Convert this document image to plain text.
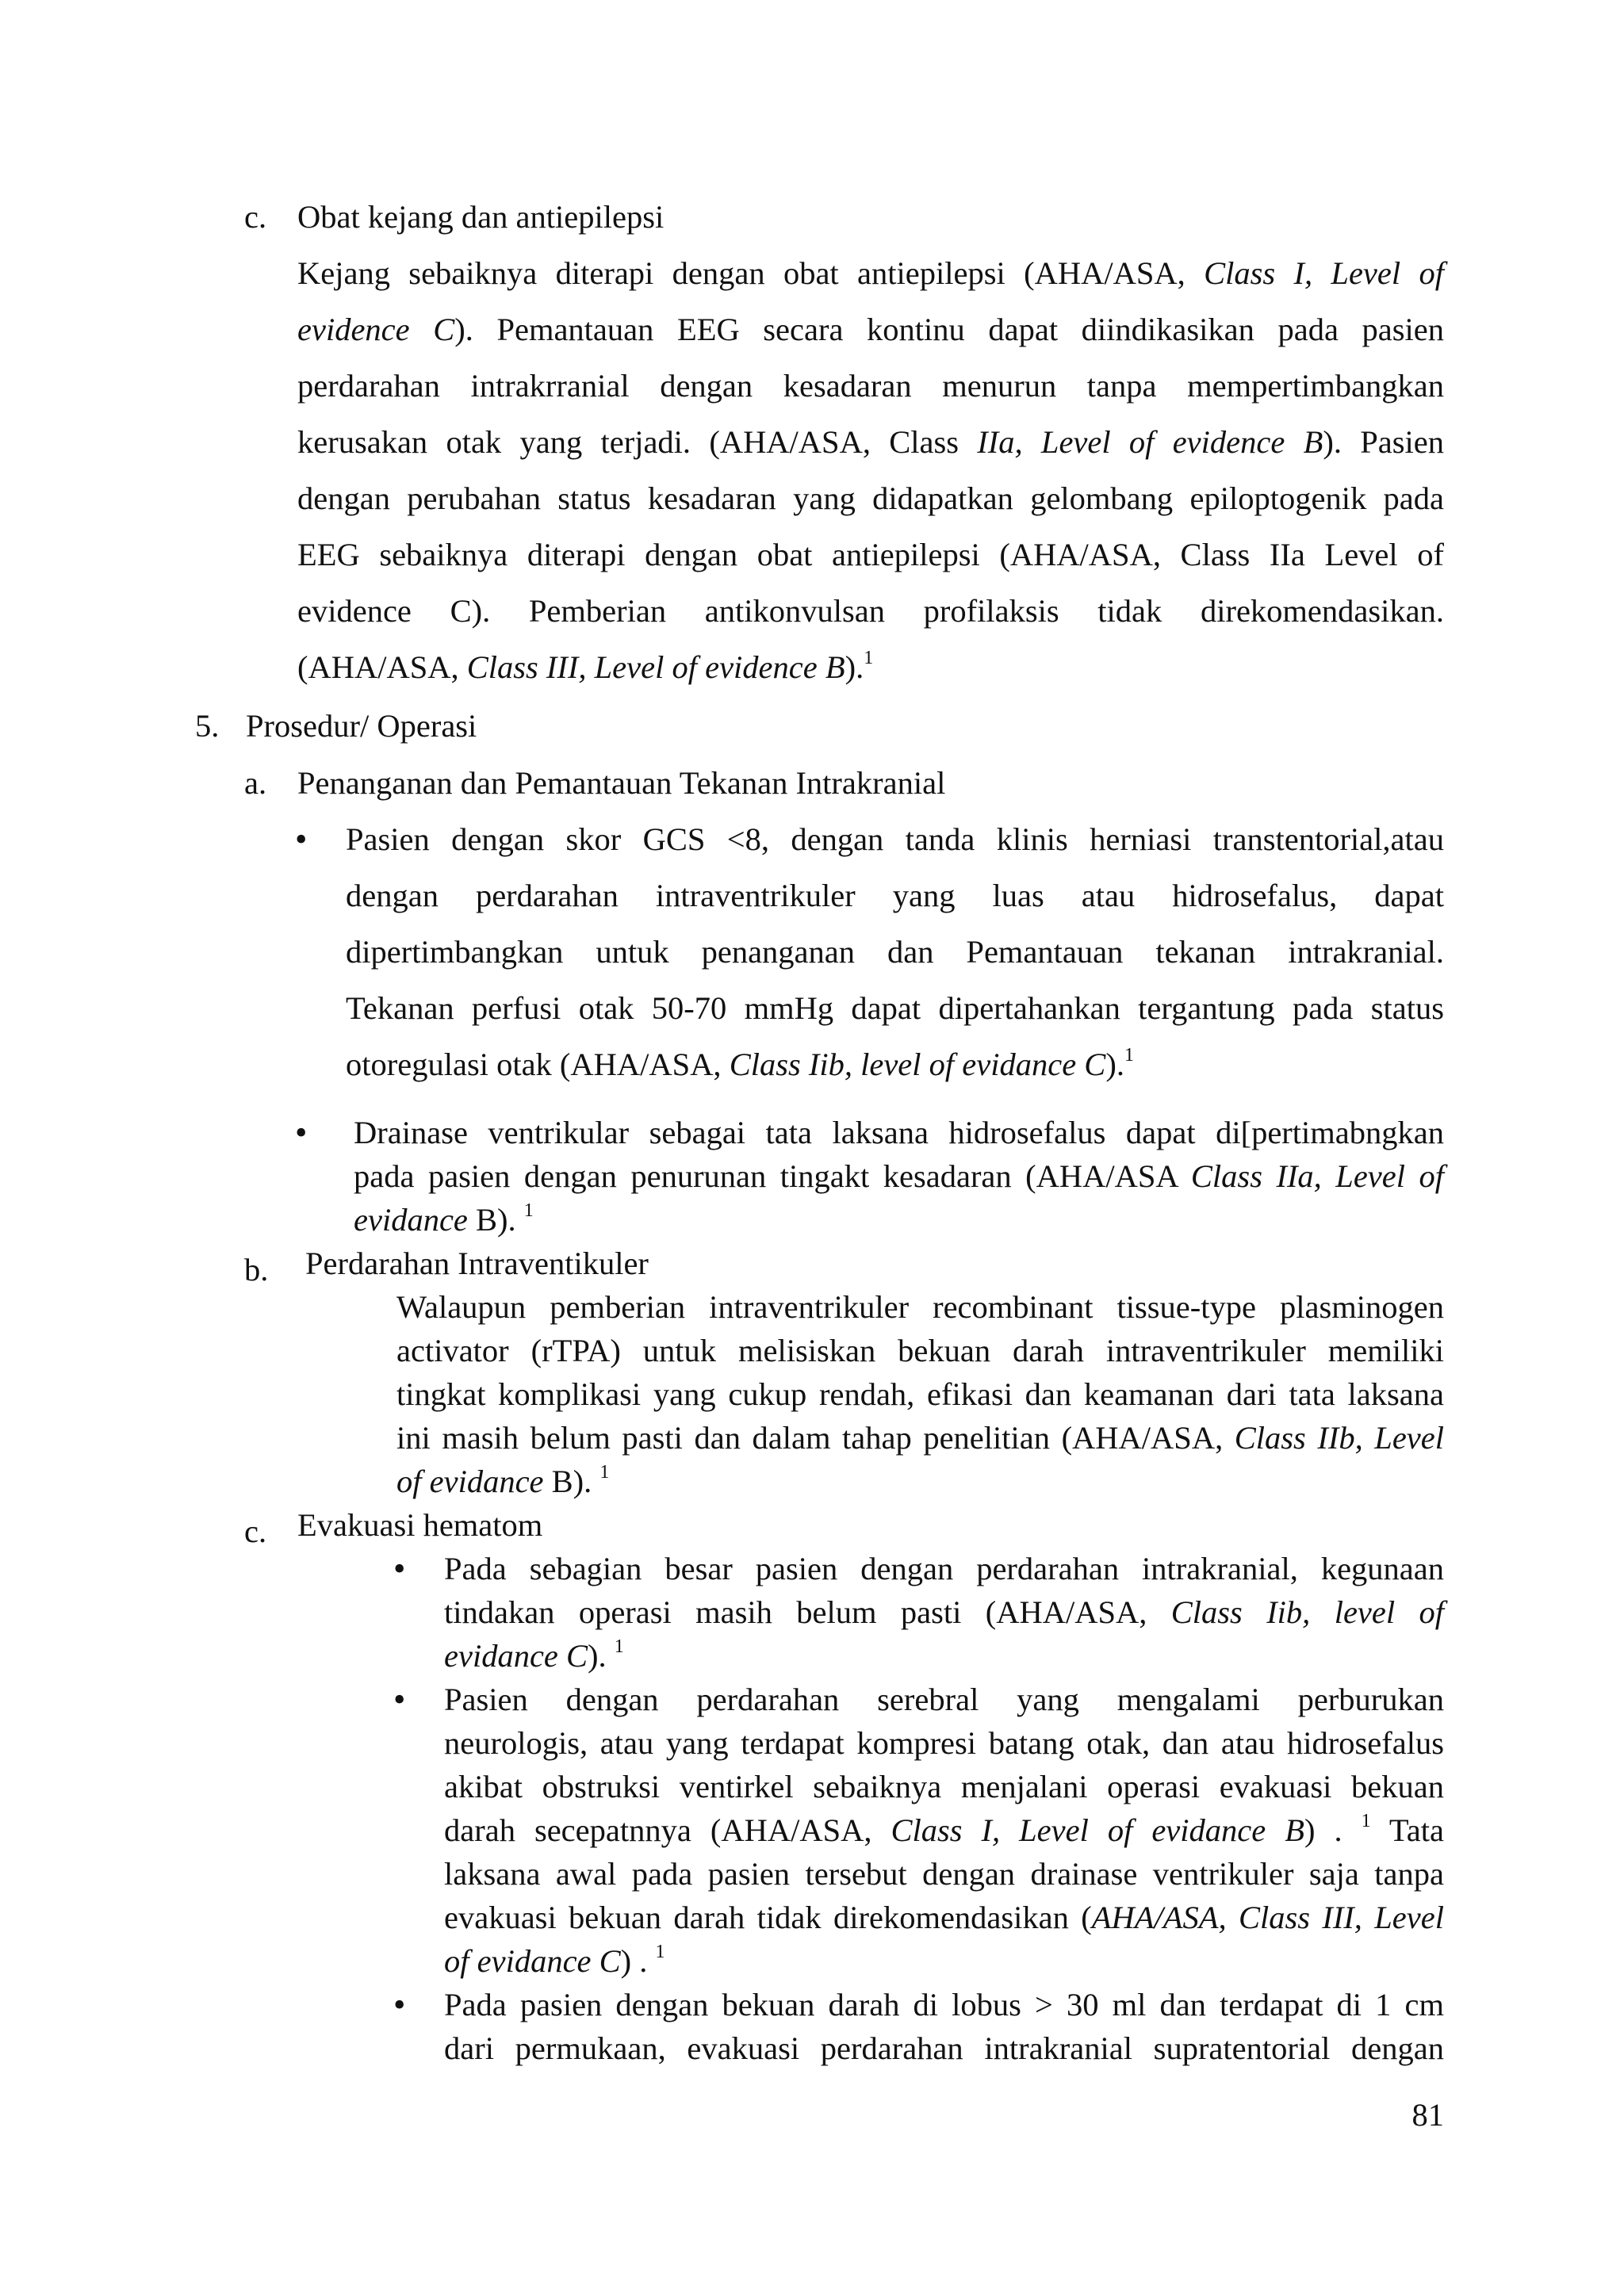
c. Obat kejang dan antiepilepsi
Kejang sebaiknya diterapi dengan obat antiepilepsi (AHA/ASA, Class I, Level of
evidence C). Pemantauan EEG secara kontinu dapat diindikasikan pada pasien
perdarahan intrakrranial dengan kesadaran menurun tanpa mempertimbangkan
kerusakan otak yang terjadi. (AHA/ASA, Class IIa, Level of evidence B). Pasien
dengan perubahan status kesadaran yang didapatkan gelombang epiloptogenik pada
EEG sebaiknya diterapi dengan obat antiepilepsi (AHA/ASA, Class IIa Level of
evidence C). Pemberian antikonvulsan profilaksis tidak direkomendasikan.
(AHA/ASA, Class III, Level of evidence B).$^1$
5. Prosedur/ Operasi
a. Penanganan dan Pemantauan Tekanan Intrakranial
• Pasien dengan skor GCS <8, dengan tanda klinis herniasi transtentorial,atau
dengan perdarahan intraventrikuler yang luas atau hidrosefalus, dapat
dipertimbangkan untuk penanganan dan Pemantauan tekanan intrakranial.
Tekanan perfusi otak 50-70 mmHg dapat dipertahankan tergantung pada status
otoregulasi otak (AHA/ASA, Class Iib, level of evidance C).$^1$
• Drainase ventrikular sebagai tata laksana hidrosefalus dapat di[pertimabngkan
pada pasien dengan penurunan tingakt kesadaran (AHA/ASA Class IIa, Level of
evidance B). $^1$
b. Perdarahan Intraventikuler
Walaupun pemberian intraventrikuler recombinant tissue-type plasminogen
activator (rTPA) untuk melisiskan bekuan darah intraventrikuler memiliki
tingkat komplikasi yang cukup rendah, efikasi dan keamanan dari tata laksana
ini masih belum pasti dan dalam tahap penelitian (AHA/ASA, Class IIb, Level
of evidance B). $^1$
c. Evakuasi hematom
• Pada sebagian besar pasien dengan perdarahan intrakranial, kegunaan
tindakan operasi masih belum pasti (AHA/ASA, Class Iib, level of
evidance C). $^1$
• Pasien dengan perdarahan serebral yang mengalami perburukan
neurologis, atau yang terdapat kompresi batang otak, dan atau hidrosefalus
akibat obstruksi ventirkel sebaiknya menjalani operasi evakuasi bekuan
darah secepatnnya (AHA/ASA, Class I, Level of evidance B) . $^1$ Tata
laksana awal pada pasien tersebut dengan drainase ventrikuler saja tanpa
evakuasi bekuan darah tidak direkomendasikan (AHA/ASA, Class III, Level
of evidance C) . $^1$
• Pada pasien dengan bekuan darah di lobus > 30 ml dan terdapat di 1 cm
dari permukaan, evakuasi perdarahan intrakranial supratentorial dengan
81
